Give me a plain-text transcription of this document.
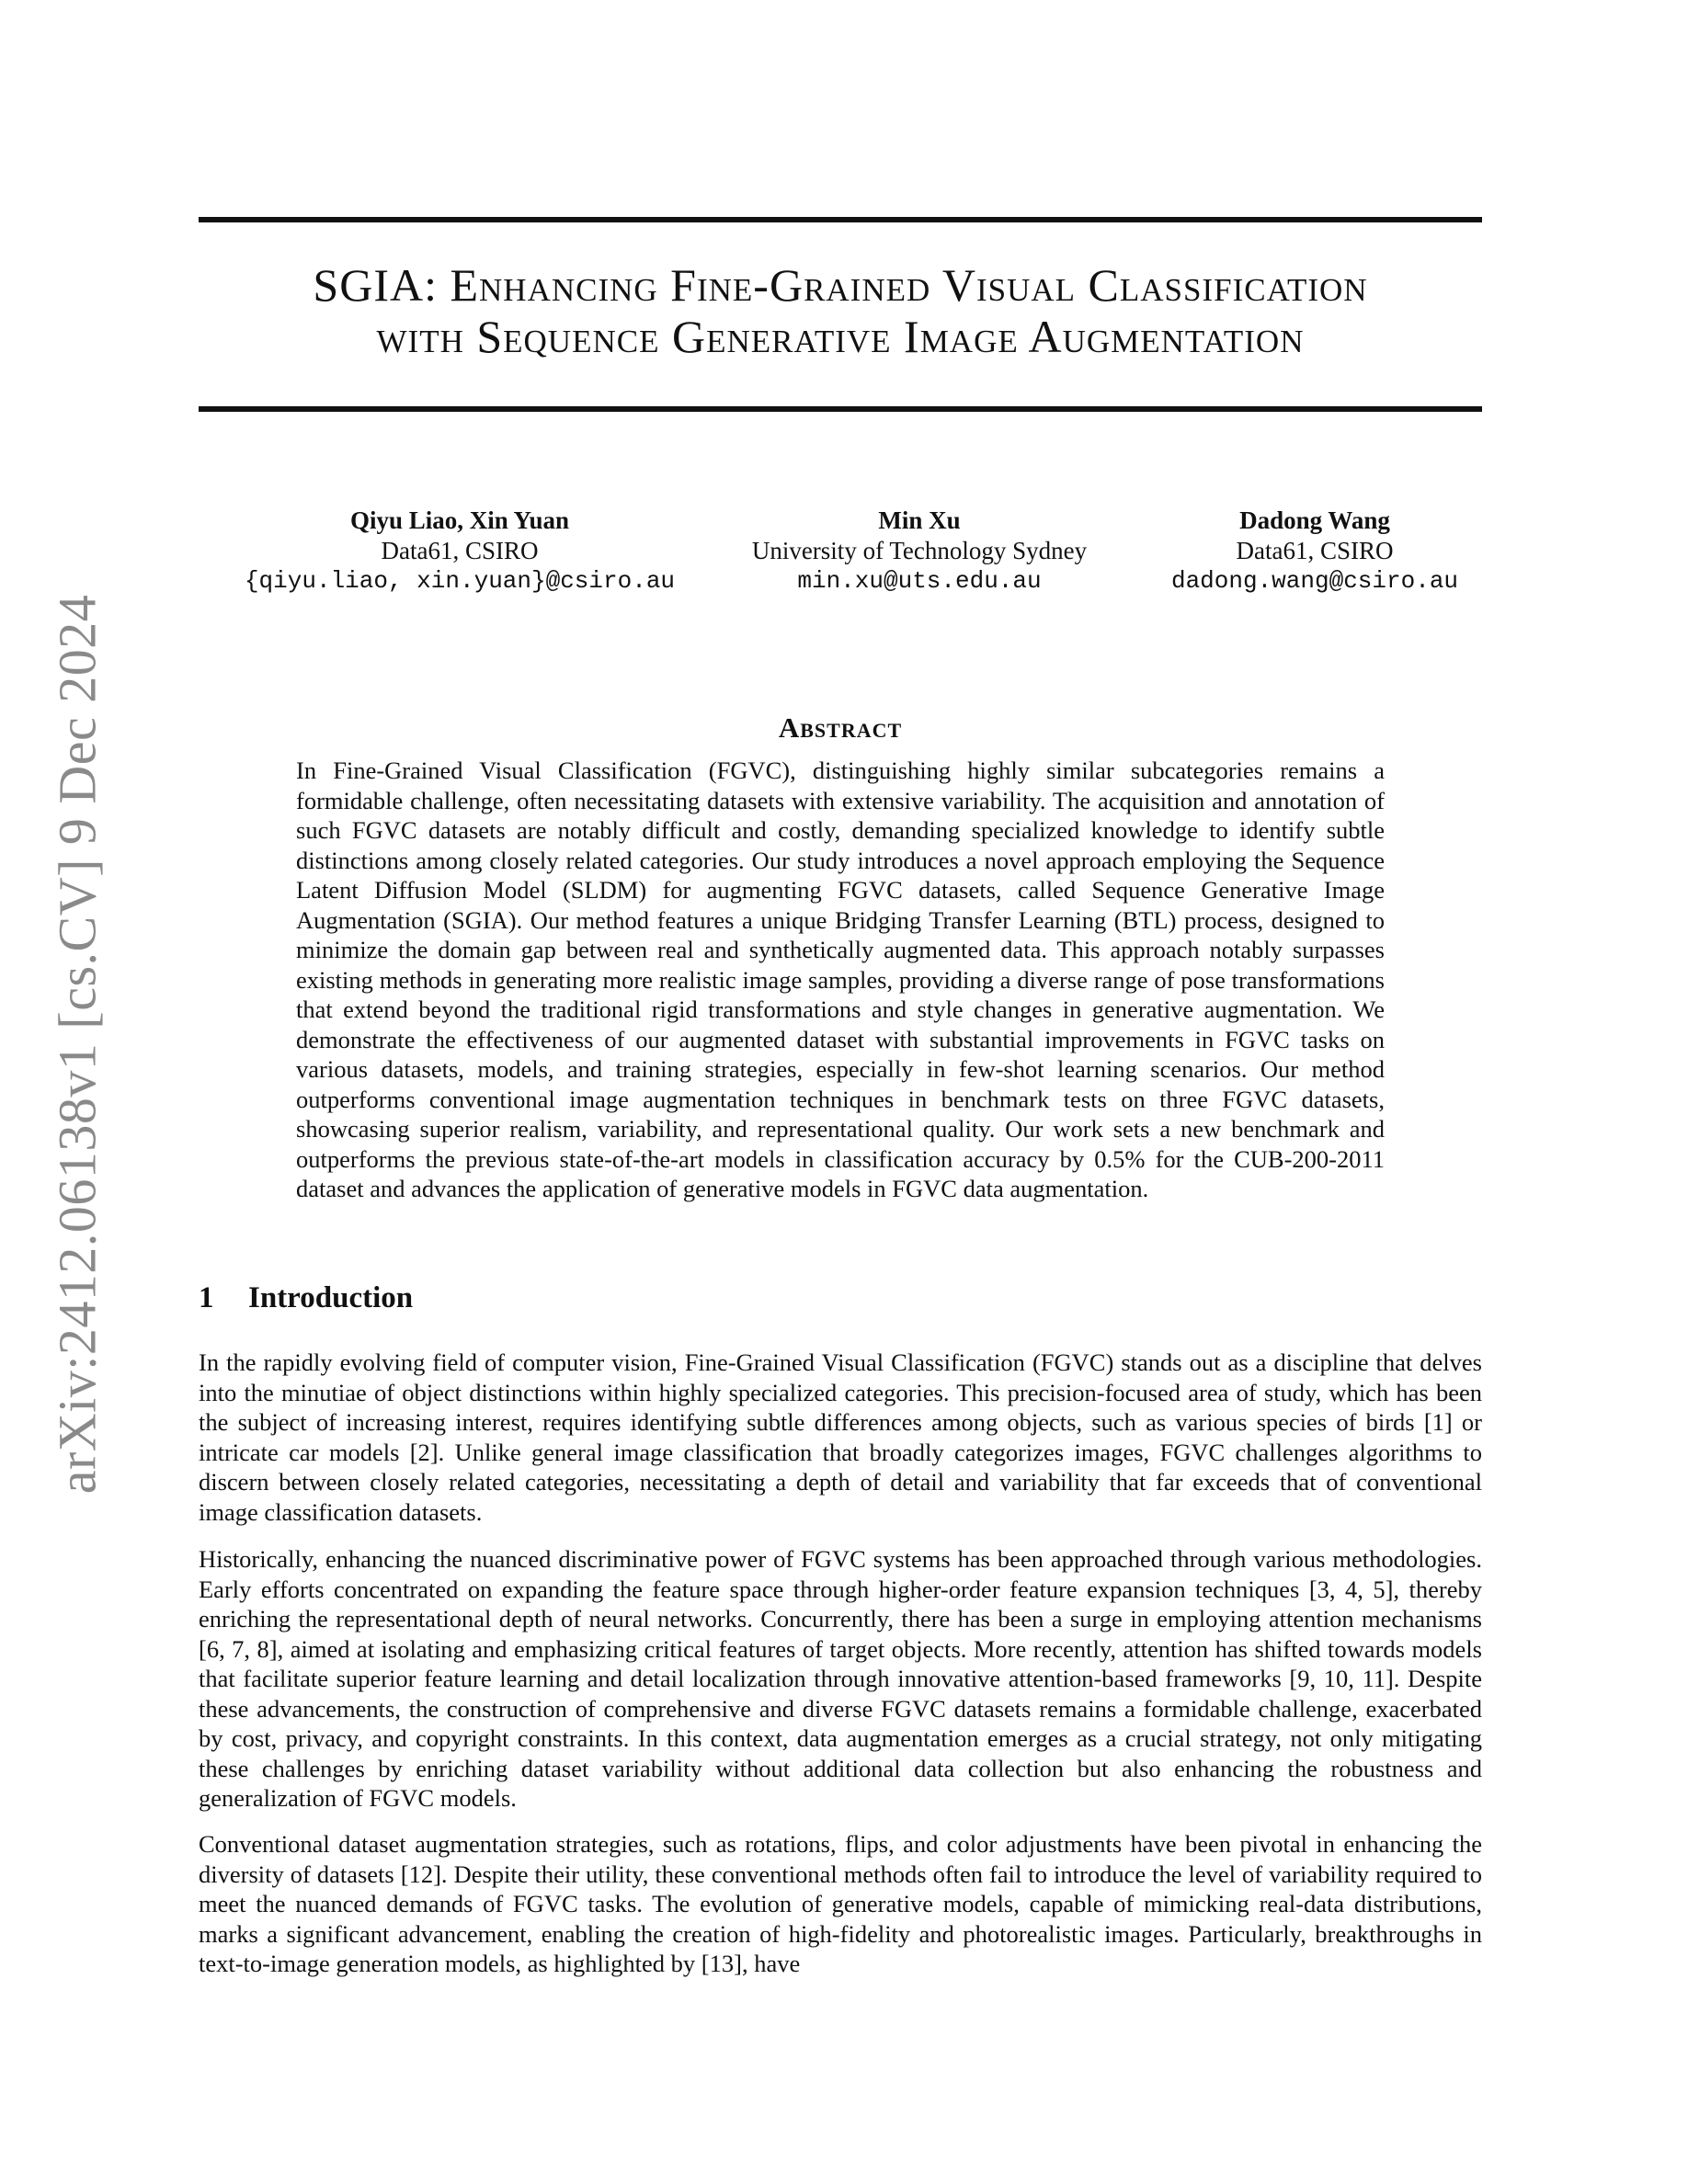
arXiv:2412.06138v1 [cs.CV] 9 Dec 2024
SGIA: Enhancing Fine-Grained Visual Classification
with Sequence Generative Image Augmentation
Qiyu Liao, Xin Yuan
Data61, CSIRO
{qiyu.liao, xin.yuan}@csiro.au
Min Xu
University of Technology Sydney
min.xu@uts.edu.au
Dadong Wang
Data61, CSIRO
dadong.wang@csiro.au
Abstract

In Fine-Grained Visual Classification (FGVC), distinguishing highly similar subcategories remains a formidable challenge, often necessitating datasets with extensive variability. The acquisition and annotation of such FGVC datasets are notably difficult and costly, demanding specialized knowledge to identify subtle distinctions among closely related categories. Our study introduces a novel approach employing the Sequence Latent Diffusion Model (SLDM) for augmenting FGVC datasets, called Sequence Generative Image Augmentation (SGIA). Our method features a unique Bridging Transfer Learning (BTL) process, designed to minimize the domain gap between real and synthetically augmented data. This approach notably surpasses existing methods in generating more realistic image samples, providing a diverse range of pose transformations that extend beyond the traditional rigid transformations and style changes in generative augmentation. We demonstrate the effectiveness of our augmented dataset with substantial improvements in FGVC tasks on various datasets, models, and training strategies, especially in few-shot learning scenarios. Our method outperforms conventional image augmentation techniques in benchmark tests on three FGVC datasets, showcasing superior realism, variability, and representational quality. Our work sets a new benchmark and outperforms the previous state-of-the-art models in classification accuracy by 0.5% for the CUB-200-2011 dataset and advances the application of generative models in FGVC data augmentation.

1 Introduction

In the rapidly evolving field of computer vision, Fine-Grained Visual Classification (FGVC) stands out as a discipline that delves into the minutiae of object distinctions within highly specialized categories. This precision-focused area of study, which has been the subject of increasing interest, requires identifying subtle differences among objects, such as various species of birds [1] or intricate car models [2]. Unlike general image classification that broadly categorizes images, FGVC challenges algorithms to discern between closely related categories, necessitating a depth of detail and variability that far exceeds that of conventional image classification datasets.

Historically, enhancing the nuanced discriminative power of FGVC systems has been approached through various methodologies. Early efforts concentrated on expanding the feature space through higher-order feature expansion techniques [3, 4, 5], thereby enriching the representational depth of neural networks. Concurrently, there has been a surge in employing attention mechanisms [6, 7, 8], aimed at isolating and emphasizing critical features of target objects. More recently, attention has shifted towards models that facilitate superior feature learning and detail localization through innovative attention-based frameworks [9, 10, 11]. Despite these advancements, the construction of comprehensive and diverse FGVC datasets remains a formidable challenge, exacerbated by cost, privacy, and copyright constraints. In this context, data augmentation emerges as a crucial strategy, not only mitigating these challenges by enriching dataset variability without additional data collection but also enhancing the robustness and generalization of FGVC models.

Conventional dataset augmentation strategies, such as rotations, flips, and color adjustments have been pivotal in enhancing the diversity of datasets [12]. Despite their utility, these conventional methods often fail to introduce the level of variability required to meet the nuanced demands of FGVC tasks. The evolution of generative models, capable of mimicking real-data distributions, marks a significant advancement, enabling the creation of high-fidelity and photorealistic images. Particularly, breakthroughs in text-to-image generation models, as highlighted by [13], have
